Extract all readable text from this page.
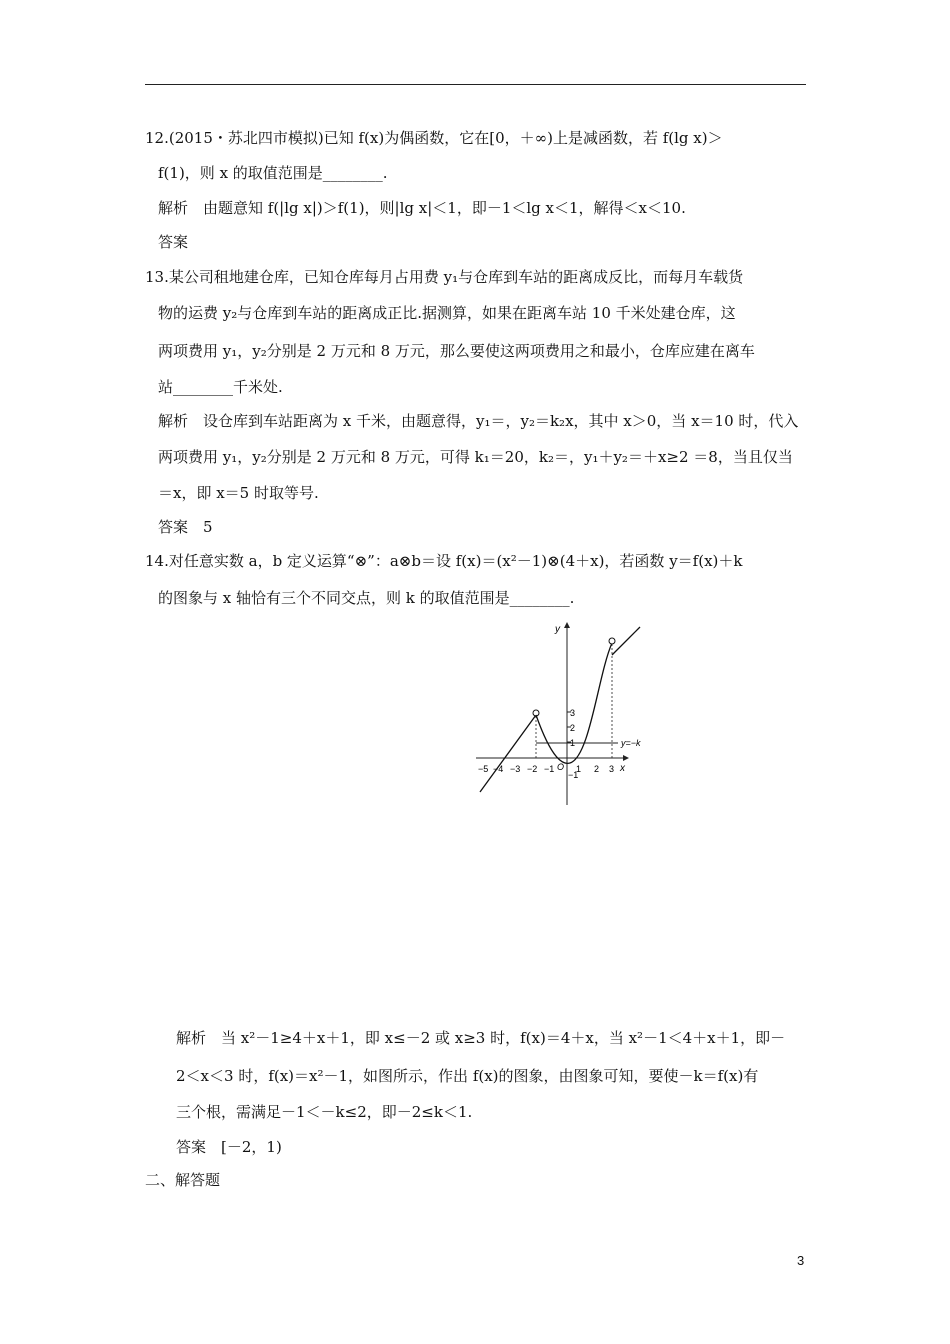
12.(2015・苏北四市模拟)已知 f(x)为偶函数，它在[0，＋∞)上是减函数，若 f(lg x)＞
f(1)，则 x 的取值范围是________.
解析　由题意知 f(|lg x|)＞f(1)，则|lg x|＜1，即－1＜lg x＜1，解得＜x＜10.
答案
13.某公司租地建仓库，已知仓库每月占用费 y₁与仓库到车站的距离成反比，而每月车载货
物的运费 y₂与仓库到车站的距离成正比.据测算，如果在距离车站 10 千米处建仓库，这
两项费用 y₁，y₂分别是 2 万元和 8 万元，那么要使这两项费用之和最小，仓库应建在离车
站________千米处.
解析　设仓库到车站距离为 x 千米，由题意得，y₁＝，y₂＝k₂x，其中 x＞0，当 x＝10 时，代入
两项费用 y₁，y₂分别是 2 万元和 8 万元，可得 k₁＝20，k₂＝，y₁＋y₂＝＋x≥2 ＝8，当且仅当
＝x，即 x＝5 时取等号.
答案　5
14.对任意实数 a，b 定义运算“⊗”：a⊗b＝设 f(x)＝(x²－1)⊗(4＋x)，若函数 y＝f(x)＋k
的图象与 x 轴恰有三个不同交点，则 k 的取值范围是________.
x
y
−5 −4 −3 −2 −1 O 1 2 3
3
2
1
−1
y=−k
解析　当 x²－1≥4＋x＋1，即 x≤－2 或 x≥3 时，f(x)＝4＋x，当 x²－1＜4＋x＋1，即－
2＜x＜3 时，f(x)＝x²－1，如图所示，作出 f(x)的图象，由图象可知，要使－k＝f(x)有
三个根，需满足－1＜－k≤2，即－2≤k＜1.
答案　[－2，1)
二、解答题
3
